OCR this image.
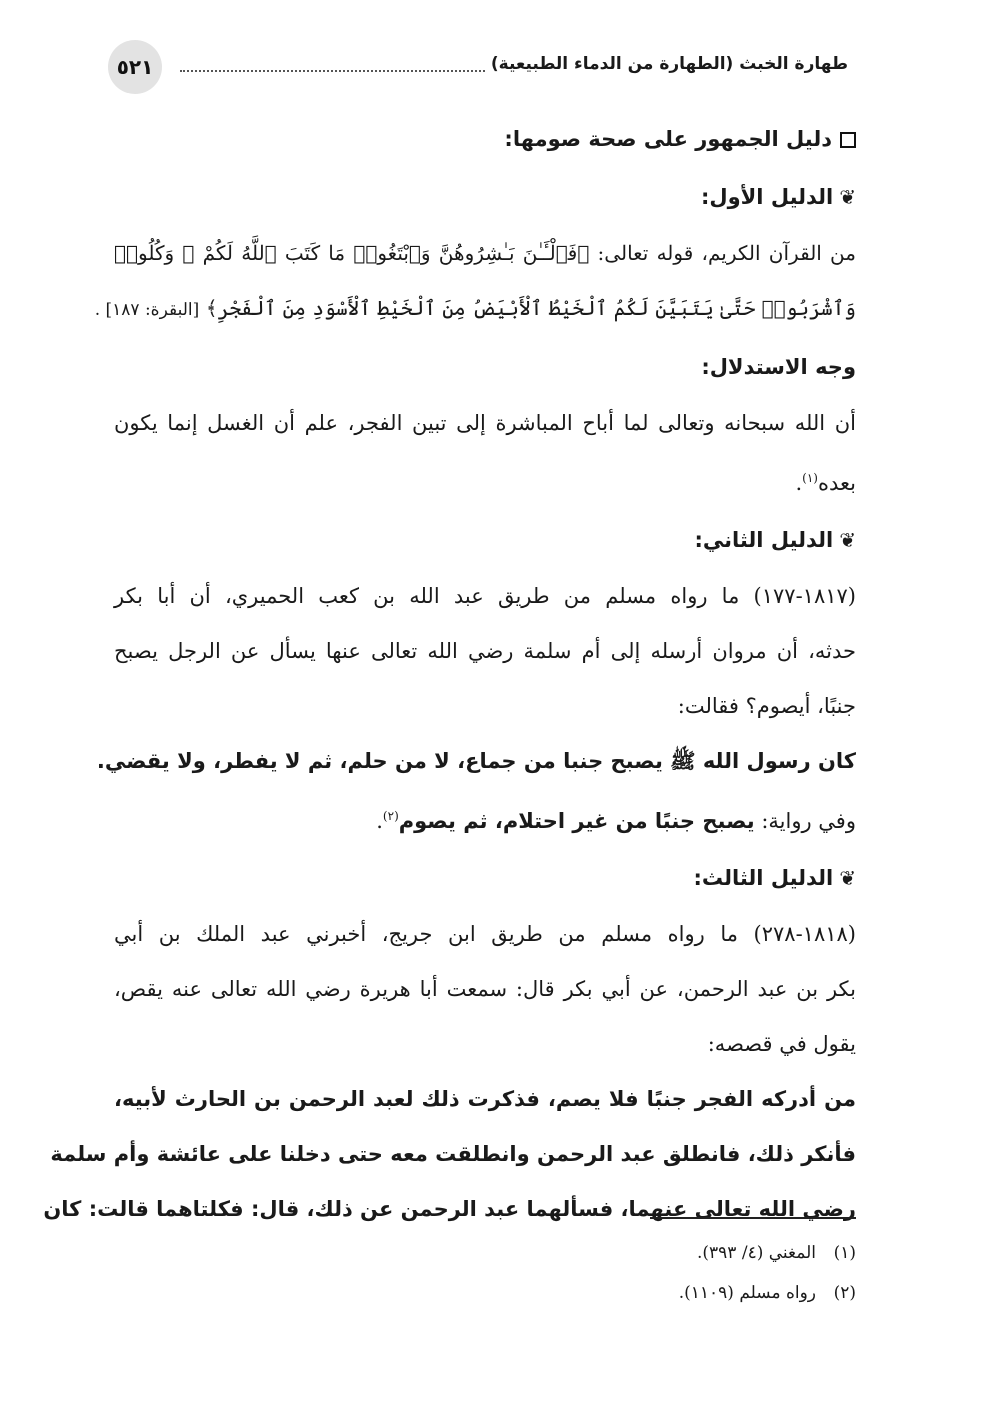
٥٢١	طهارة الخبث (الطهارة من الدماء الطبيعية)
دليل الجمهور على صحة صومها:
❦الدليل الأول:
من القرآن الكريم، قوله تعالى: ﴿فَٱلْـَٔـٰنَ بَـٰشِرُوهُنَّ وَٱبْتَغُوا۟ مَا كَتَبَ ٱللَّهُ لَكُمْ ۚ وَكُلُوا۟
وَٱشْرَبُوا۟ حَتَّىٰ يَتَبَيَّنَ لَكُمُ ٱلْخَيْطُ ٱلْأَبْيَضُ مِنَ ٱلْخَيْطِ ٱلْأَسْوَدِ مِنَ ٱلْفَجْرِ﴾ [البقرة: ١٨٧] .
وجه الاستدلال:
أن الله سبحانه وتعالى لما أباح المباشرة إلى تبين الفجر، علم أن الغسل إنما يكون
بعده$^{(١)}$.
❦الدليل الثاني:
(١٨١٧-١٧٧) ما رواه مسلم من طريق عبد الله بن كعب الحميري، أن أبا بكر
حدثه، أن مروان أرسله إلى أم سلمة رضي الله تعالى عنها يسأل عن الرجل يصبح
جنبًا، أيصوم؟ فقالت:
كان رسول الله ﷺ يصبح جنبا من جماع، لا من حلم، ثم لا يفطر، ولا يقضي.
وفي رواية: يصبح جنبًا من غير احتلام، ثم يصوم$^{(٢)}$.
❦الدليل الثالث:
(١٨١٨-٢٧٨) ما رواه مسلم من طريق ابن جريج، أخبرني عبد الملك بن أبي
بكر بن عبد الرحمن، عن أبي بكر قال: سمعت أبا هريرة رضي الله تعالى عنه يقص،
يقول في قصصه:
من أدركه الفجر جنبًا فلا يصم، فذكرت ذلك لعبد الرحمن بن الحارث لأبيه،
فأنكر ذلك، فانطلق عبد الرحمن وانطلقت معه حتى دخلنا على عائشة وأم سلمة
رضي الله تعالى عنهما، فسألهما عبد الرحمن عن ذلك، قال: فكلتاهما قالت: كان
(١)المغني (٤/ ٣٩٣).
(٢)رواه مسلم (١١٠٩).
